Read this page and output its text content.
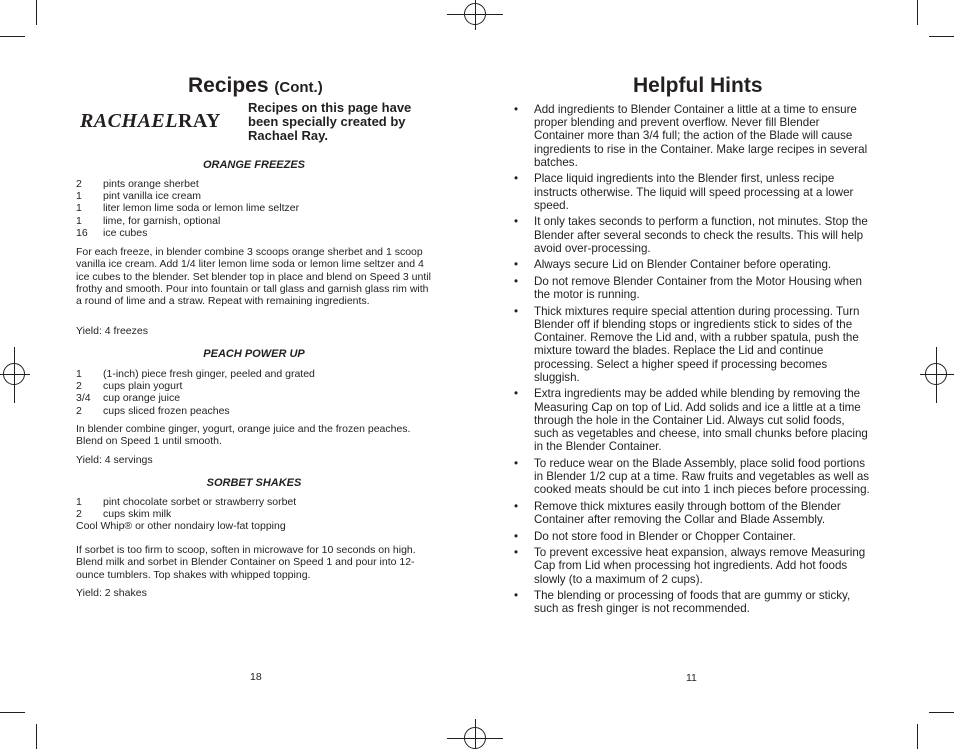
Recipes (Cont.)
RACHAELRAY
Recipes on this page have been specially created by Rachael Ray.
ORANGE FREEZES
2	pints orange sherbet
1	pint vanilla ice cream
1	liter lemon lime soda or lemon lime seltzer
1	lime, for garnish, optional
16	ice cubes
For each freeze, in blender combine 3 scoops orange sherbet and 1 scoop vanilla ice cream. Add 1/4 liter lemon lime soda or lemon lime seltzer and 4 ice cubes to the blender. Set blender top in place and blend on Speed 3 until frothy and smooth. Pour into fountain or tall glass and garnish glass rim with a round of lime and a straw. Repeat with remaining ingredients.
Yield: 4 freezes
PEACH POWER UP
1	(1-inch) piece fresh ginger, peeled and grated
2	cups plain yogurt
3/4	cup orange juice
2	cups sliced frozen peaches
In blender combine ginger, yogurt, orange juice and the frozen peaches. Blend on Speed 1 until smooth.
Yield: 4 servings
SORBET SHAKES
1	pint chocolate sorbet or strawberry sorbet
2	cups skim milk
Cool Whip® or other nondairy low-fat topping
If sorbet is too firm to scoop, soften in microwave for 10 seconds on high. Blend milk and sorbet in Blender Container on Speed 1 and pour into 12-ounce tumblers. Top shakes with whipped topping.
Yield: 2 shakes
18
Helpful Hints
• Add ingredients to Blender Container a little at a time to ensure proper blending and prevent overflow. Never fill Blender Container more than 3/4 full; the action of the Blade will cause ingredients to rise in the Container. Make large recipes in several batches.
• Place liquid ingredients into the Blender first, unless recipe instructs otherwise. The liquid will speed processing at a lower speed.
• It only takes seconds to perform a function, not minutes. Stop the Blender after several seconds to check the results. This will help avoid over-processing.
• Always secure Lid on Blender Container before operating.
• Do not remove Blender Container from the Motor Housing when the motor is running.
• Thick mixtures require special attention during processing. Turn Blender off if blending stops or ingredients stick to sides of the Container. Remove the Lid and, with a rubber spatula, push the mixture toward the blades. Replace the Lid and continue processing. Select a higher speed if processing becomes sluggish.
• Extra ingredients may be added while blending by removing the Measuring Cap on top of Lid. Add solids and ice a little at a time through the hole in the Container Lid. Always cut solid foods, such as vegetables and cheese, into small chunks before placing in the Blender Container.
• To reduce wear on the Blade Assembly, place solid food portions in Blender 1/2 cup at a time. Raw fruits and vegetables as well as cooked meats should be cut into 1 inch pieces before processing.
• Remove thick mixtures easily through bottom of the Blender Container after removing the Collar and Blade Assembly.
• Do not store food in Blender or Chopper Container.
• To prevent excessive heat expansion, always remove Measuring Cap from Lid when processing hot ingredients. Add hot foods slowly (to a maximum of 2 cups).
• The blending or processing of foods that are gummy or sticky, such as fresh ginger is not recommended.
11
